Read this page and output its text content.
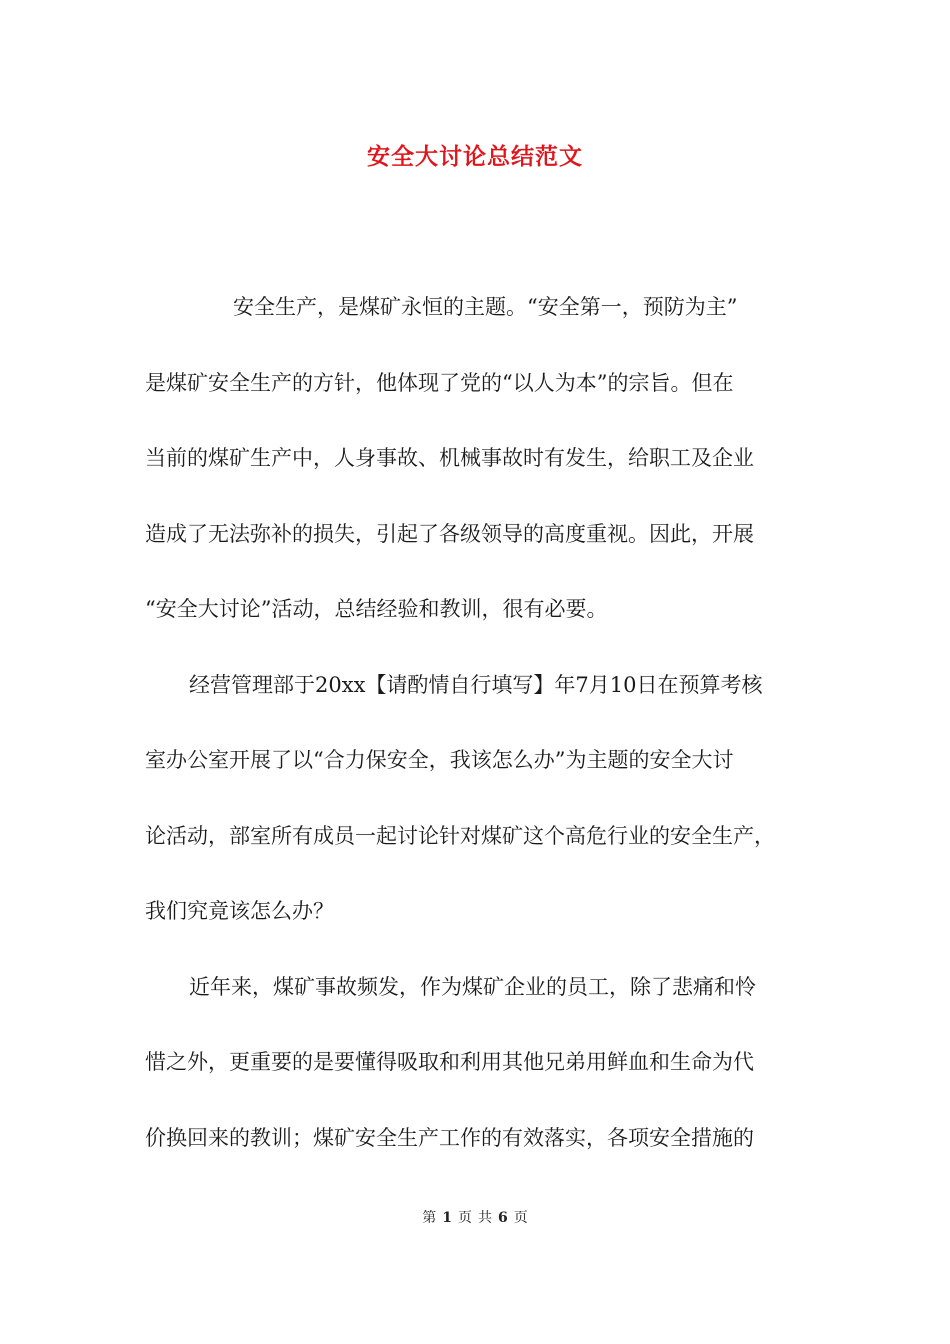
安全大讨论总结范文
安全生产，是煤矿永恒的主题。“安全第一，预防为主”
是煤矿安全生产的方针，他体现了党的“以人为本”的宗旨。但在
当前的煤矿生产中，人身事故、机械事故时有发生，给职工及企业
造成了无法弥补的损失，引起了各级领导的高度重视。因此，开展
“安全大讨论”活动，总结经验和教训，很有必要。
经营管理部于20xx【请酌情自行填写】年7月10日在预算考核
室办公室开展了以“合力保安全，我该怎么办”为主题的安全大讨
论活动，部室所有成员一起讨论针对煤矿这个高危行业的安全生产，
我们究竟该怎么办？
近年来，煤矿事故频发，作为煤矿企业的员工，除了悲痛和怜
惜之外，更重要的是要懂得吸取和利用其他兄弟用鲜血和生命为代
价换回来的教训；煤矿安全生产工作的有效落实，各项安全措施的
第 1 页 共 6 页
